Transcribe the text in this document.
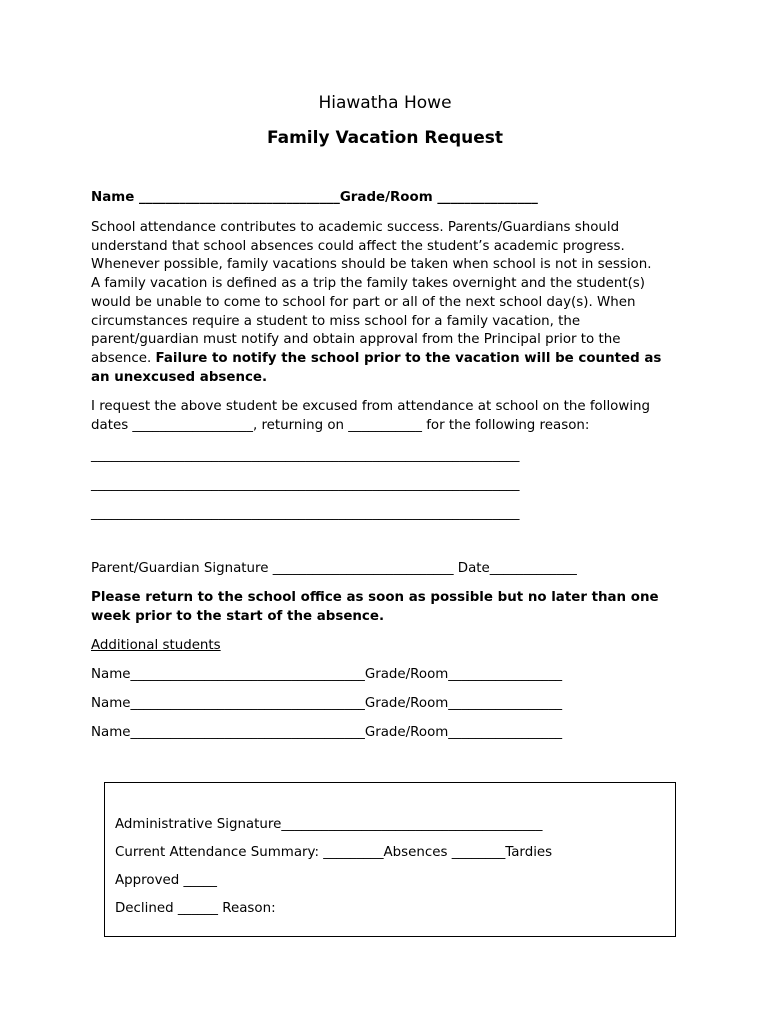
Hiawatha Howe
Family Vacation Request
Name ______________________________Grade/Room _______________
School attendance contributes to academic success. Parents/Guardians should
understand that school absences could affect the student’s academic progress.
Whenever possible, family vacations should be taken when school is not in session.
A family vacation is defined as a trip the family takes overnight and the student(s)
would be unable to come to school for part or all of the next school day(s). When
circumstances require a student to miss school for a family vacation, the
parent/guardian must notify and obtain approval from the Principal prior to the
absence. Failure to notify the school prior to the vacation will be counted as
an unexcused absence.
I request the above student be excused from attendance at school on the following
dates __________________, returning on ___________ for the following reason:
________________________________________________________________
________________________________________________________________
________________________________________________________________
Parent/Guardian Signature ___________________________ Date_____________
Please return to the school office as soon as possible but no later than one
week prior to the start of the absence.
Additional students
Name___________________________________Grade/Room_________________
Name___________________________________Grade/Room_________________
Name___________________________________Grade/Room_________________
Administrative Signature_______________________________________
Current Attendance Summary: _________Absences ________Tardies
Approved _____
Declined ______ Reason:
